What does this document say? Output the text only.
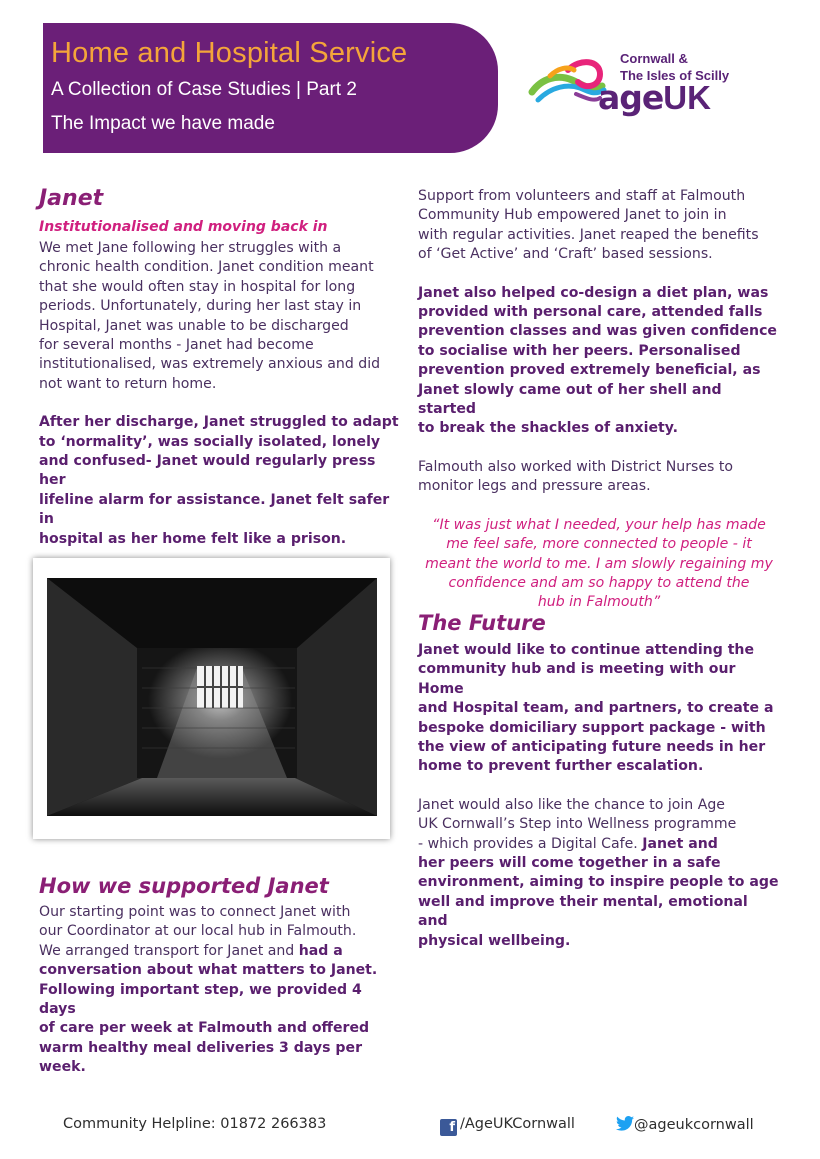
Home and Hospital Service
A Collection of Case Studies | Part 2
The Impact we have made
Cornwall &
The Isles of Scilly
ageUK
Janet
Institutionalised and moving back in
We met Jane following her struggles with a
chronic health condition. Janet condition meant
that she would often stay in hospital for long
periods. Unfortunately, during her last stay in
Hospital, Janet was unable to be discharged
for several months - Janet had become
institutionalised, was extremely anxious and did
not want to return home.
After her discharge, Janet struggled to adapt
to ‘normality’, was socially isolated, lonely
and confused- Janet would regularly press her
lifeline alarm for assistance. Janet felt safer in
hospital as her home felt like a prison.
How we supported Janet
Our starting point was to connect Janet with
our Coordinator at our local hub in Falmouth.
We arranged transport for Janet and had a
conversation about what matters to Janet.
Following important step, we provided 4 days
of care per week at Falmouth and offered
warm healthy meal deliveries 3 days per week.
Support from volunteers and staff at Falmouth
Community Hub empowered Janet to join in
with regular activities. Janet reaped the benefits
of ‘Get Active’ and ‘Craft’ based sessions.
Janet also helped co-design a diet plan, was
provided with personal care, attended falls
prevention classes and was given confidence
to socialise with her peers. Personalised
prevention proved extremely beneficial, as
Janet slowly came out of her shell and started
to break the shackles of anxiety.
Falmouth also worked with District Nurses to
monitor legs and pressure areas.
“It was just what I needed, your help has made
me feel safe, more connected to people - it
meant the world to me. I am slowly regaining my
confidence and am so happy to attend the
hub in Falmouth”
The Future
Janet would like to continue attending the
community hub and is meeting with our Home
and Hospital team, and partners, to create a
bespoke domiciliary support package - with
the view of anticipating future needs in her
home to prevent further escalation.
Janet would also like the chance to join Age
UK Cornwall’s Step into Wellness programme
- which provides a Digital Cafe. Janet and
her peers will come together in a safe
environment, aiming to inspire people to age
well and improve their mental, emotional and
physical wellbeing.
Community Helpline: 01872 266383	f /AgeUKCornwall	@ageukcornwall
